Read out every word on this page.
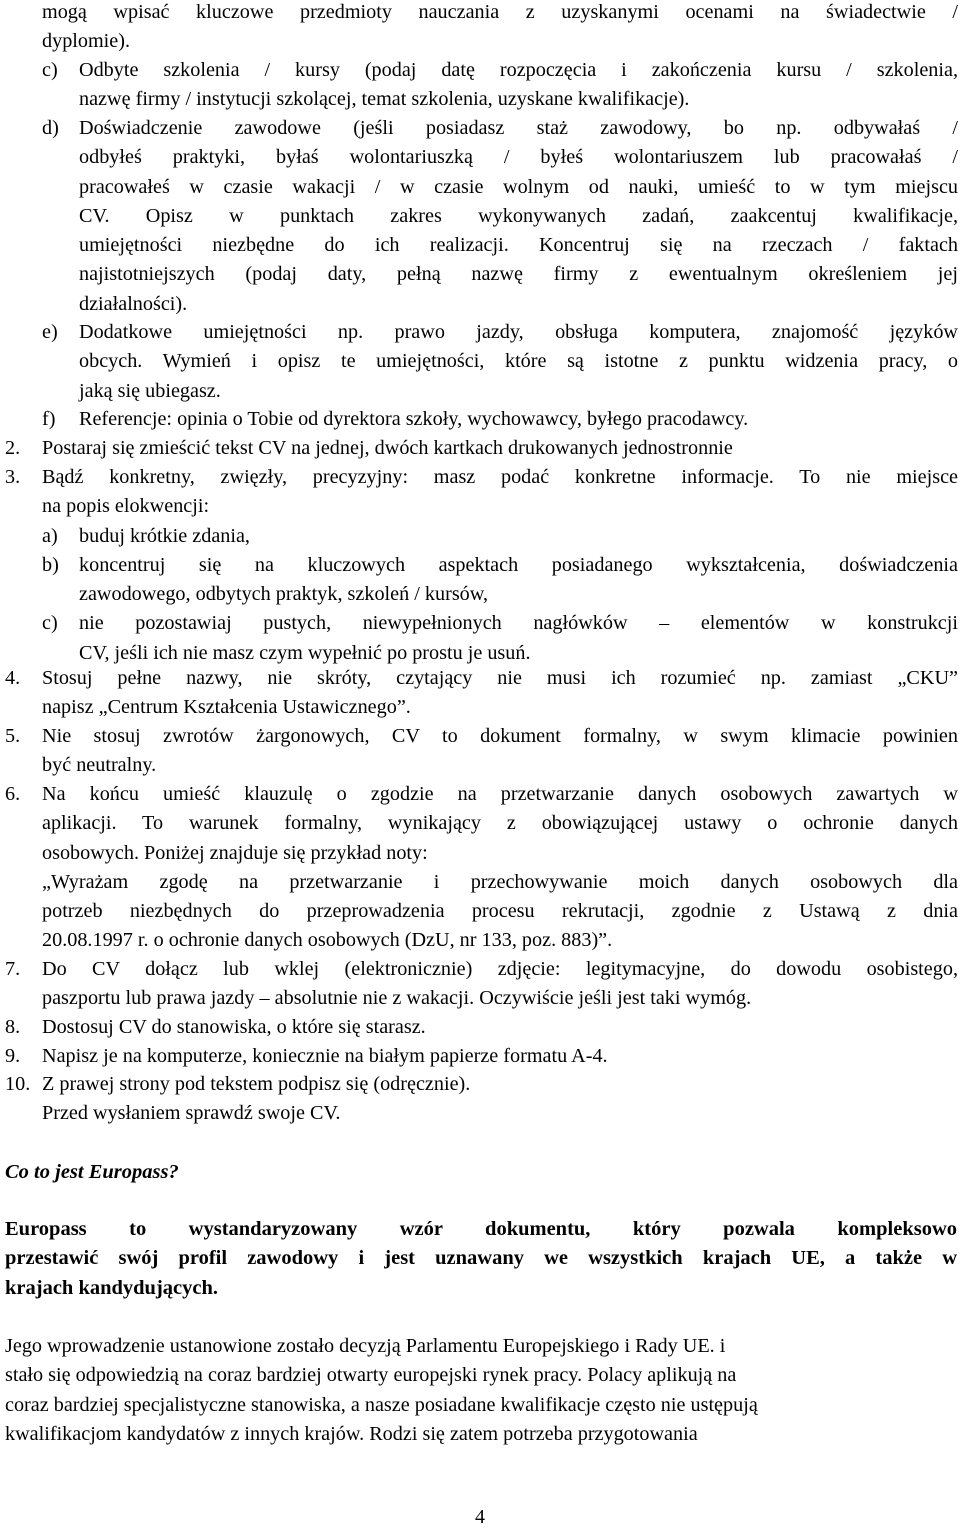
mogą wpisać kluczowe przedmioty nauczania z uzyskanymi ocenami na świadectwie /
dyplomie).
c)	Odbyte szkolenia / kursy (podaj datę rozpoczęcia i zakończenia kursu / szkolenia,
nazwę firmy / instytucji szkolącej, temat szkolenia, uzyskane kwalifikacje).
d) Doświadczenie zawodowe (jeśli posiadasz staż zawodowy, bo np. odbywałaś /
odbyłeś praktyki, byłaś wolontariuszką / byłeś wolontariuszem lub pracowałaś /
pracowałeś w czasie wakacji / w czasie wolnym od nauki, umieść to w tym miejscu
CV. Opisz w punktach zakres wykonywanych zadań, zaakcentuj kwalifikacje,
umiejętności niezbędne do ich realizacji. Koncentruj się na rzeczach / faktach
najistotniejszych (podaj daty, pełną nazwę firmy z ewentualnym określeniem jej
działalności).
e)	Dodatkowe umiejętności np. prawo jazdy, obsługa komputera, znajomość języków
obcych. Wymień i opisz te umiejętności, które są istotne z punktu widzenia pracy, o
jaką się ubiegasz.
f)	Referencje: opinia o Tobie od dyrektora szkoły, wychowawcy, byłego pracodawcy.
2.	Postaraj się zmieścić tekst CV na jednej, dwóch kartkach drukowanych jednostronnie
3.	Bądź konkretny, zwięzły, precyzyjny: masz podać konkretne informacje. To nie miejsce
na popis elokwencji:
a)	buduj krótkie zdania,
b) koncentruj się na kluczowych aspektach posiadanego wykształcenia, doświadczenia
zawodowego, odbytych praktyk, szkoleń / kursów,
c)	nie pozostawiaj pustych, niewypełnionych nagłówków – elementów w konstrukcji
CV, jeśli ich nie masz czym wypełnić po prostu je usuń.
4.	Stosuj pełne nazwy, nie skróty, czytający nie musi ich rozumieć np. zamiast „CKU”
napisz „Centrum Kształcenia Ustawicznego”.
5.	Nie stosuj zwrotów żargonowych, CV to dokument formalny, w swym klimacie powinien
być neutralny.
6.	Na końcu umieść klauzulę o zgodzie na przetwarzanie danych osobowych zawartych w
aplikacji. To warunek formalny, wynikający z obowiązującej ustawy o ochronie danych
osobowych. Poniżej znajduje się przykład noty:
„Wyrażam zgodę na przetwarzanie i przechowywanie moich danych osobowych dla
potrzeb niezbędnych do przeprowadzenia procesu rekrutacji, zgodnie z Ustawą z dnia
20.08.1997 r. o ochronie danych osobowych (DzU, nr 133, poz. 883)”.
7.	Do CV dołącz lub wklej (elektronicznie) zdjęcie: legitymacyjne, do dowodu osobistego,
paszportu lub prawa jazdy – absolutnie nie z wakacji. Oczywiście jeśli jest taki wymóg.
8.	Dostosuj CV do stanowiska, o które się starasz.
9.	Napisz je na komputerze, koniecznie na białym papierze formatu A-4.
10. Z prawej strony pod tekstem podpisz się (odręcznie).
Przed wysłaniem sprawdź swoje CV.
Co to jest Europass?
Europass to wystandaryzowany wzór dokumentu, który pozwala kompleksowo
przestawić swój profil zawodowy i jest uznawany we wszystkich krajach UE, a także w
krajach kandydujących.
Jego wprowadzenie ustanowione zostało decyzją Parlamentu Europejskiego i Rady UE. i
stało się odpowiedzią na coraz bardziej otwarty europejski rynek pracy. Polacy aplikują na
coraz bardziej specjalistyczne stanowiska, a nasze posiadane kwalifikacje często nie ustępują
kwalifikacjom kandydatów z innych krajów. Rodzi się zatem potrzeba przygotowania
4
